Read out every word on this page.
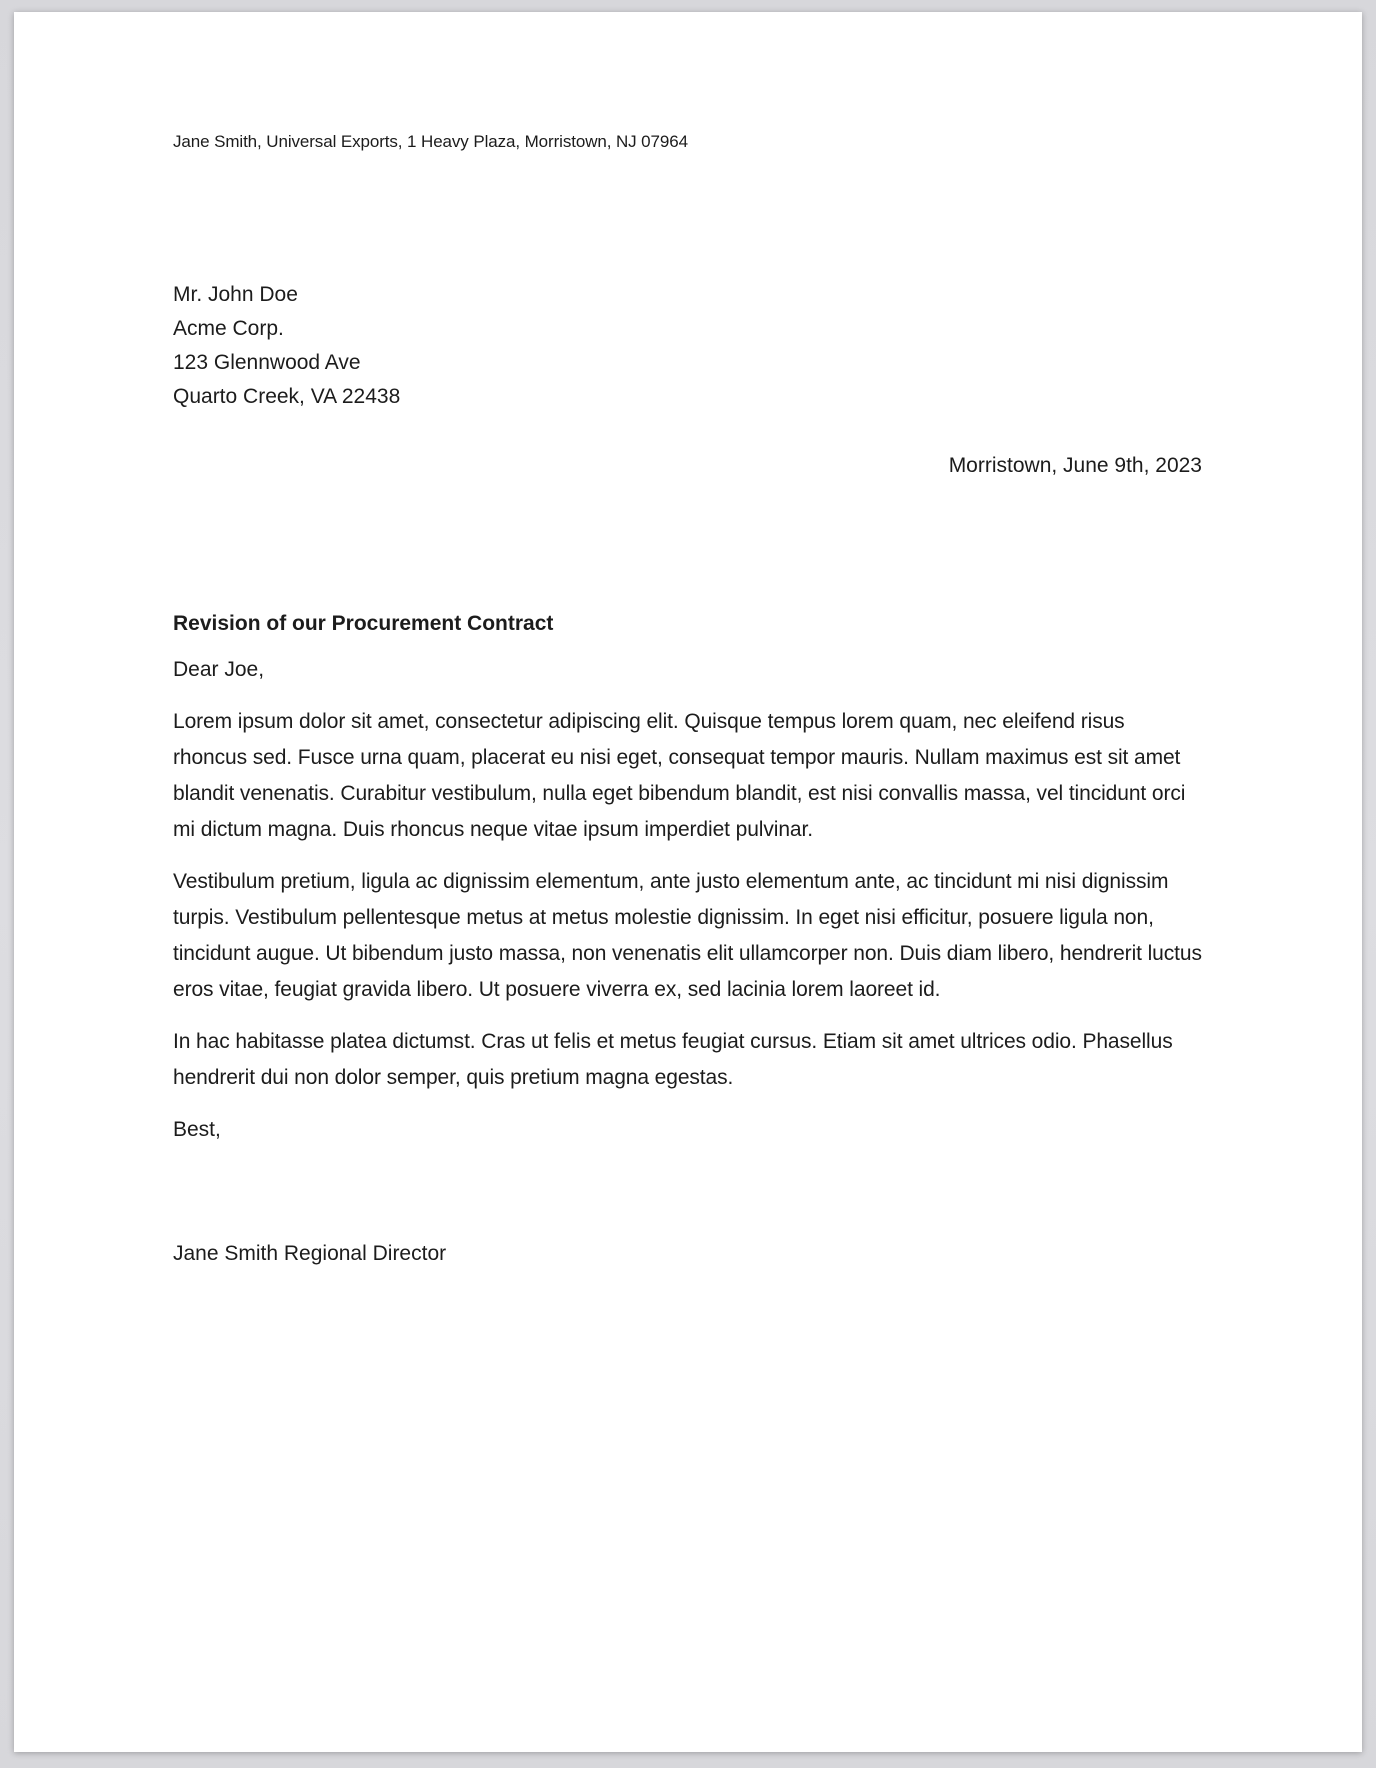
Jane Smith, Universal Exports, 1 Heavy Plaza, Morristown, NJ 07964
Mr. John Doe
Acme Corp.
123 Glennwood Ave
Quarto Creek, VA 22438
Morristown, June 9th, 2023

Revision of our Procurement Contract

Dear Joe,

Lorem ipsum dolor sit amet, consectetur adipiscing elit. Quisque tempus lorem quam, nec eleifend risus rhoncus sed. Fusce urna quam, placerat eu nisi eget, consequat tempor mauris. Nullam maximus est sit amet blandit venenatis. Curabitur vestibulum, nulla eget bibendum blandit, est nisi convallis massa, vel tincidunt orci mi dictum magna. Duis rhoncus neque vitae ipsum imperdiet pulvinar.

Vestibulum pretium, ligula ac dignissim elementum, ante justo elementum ante, ac tincidunt mi nisi dignissim turpis. Vestibulum pellentesque metus at metus molestie dignissim. In eget nisi efficitur, posuere ligula non, tincidunt augue. Ut bibendum justo massa, non venenatis elit ullamcorper non. Duis diam libero, hendrerit luctus eros vitae, feugiat gravida libero. Ut posuere viverra ex, sed lacinia lorem laoreet id.

In hac habitasse platea dictumst. Cras ut felis et metus feugiat cursus. Etiam sit amet ultrices odio. Phasellus hendrerit dui non dolor semper, quis pretium magna egestas.

Best,

Jane Smith Regional Director
